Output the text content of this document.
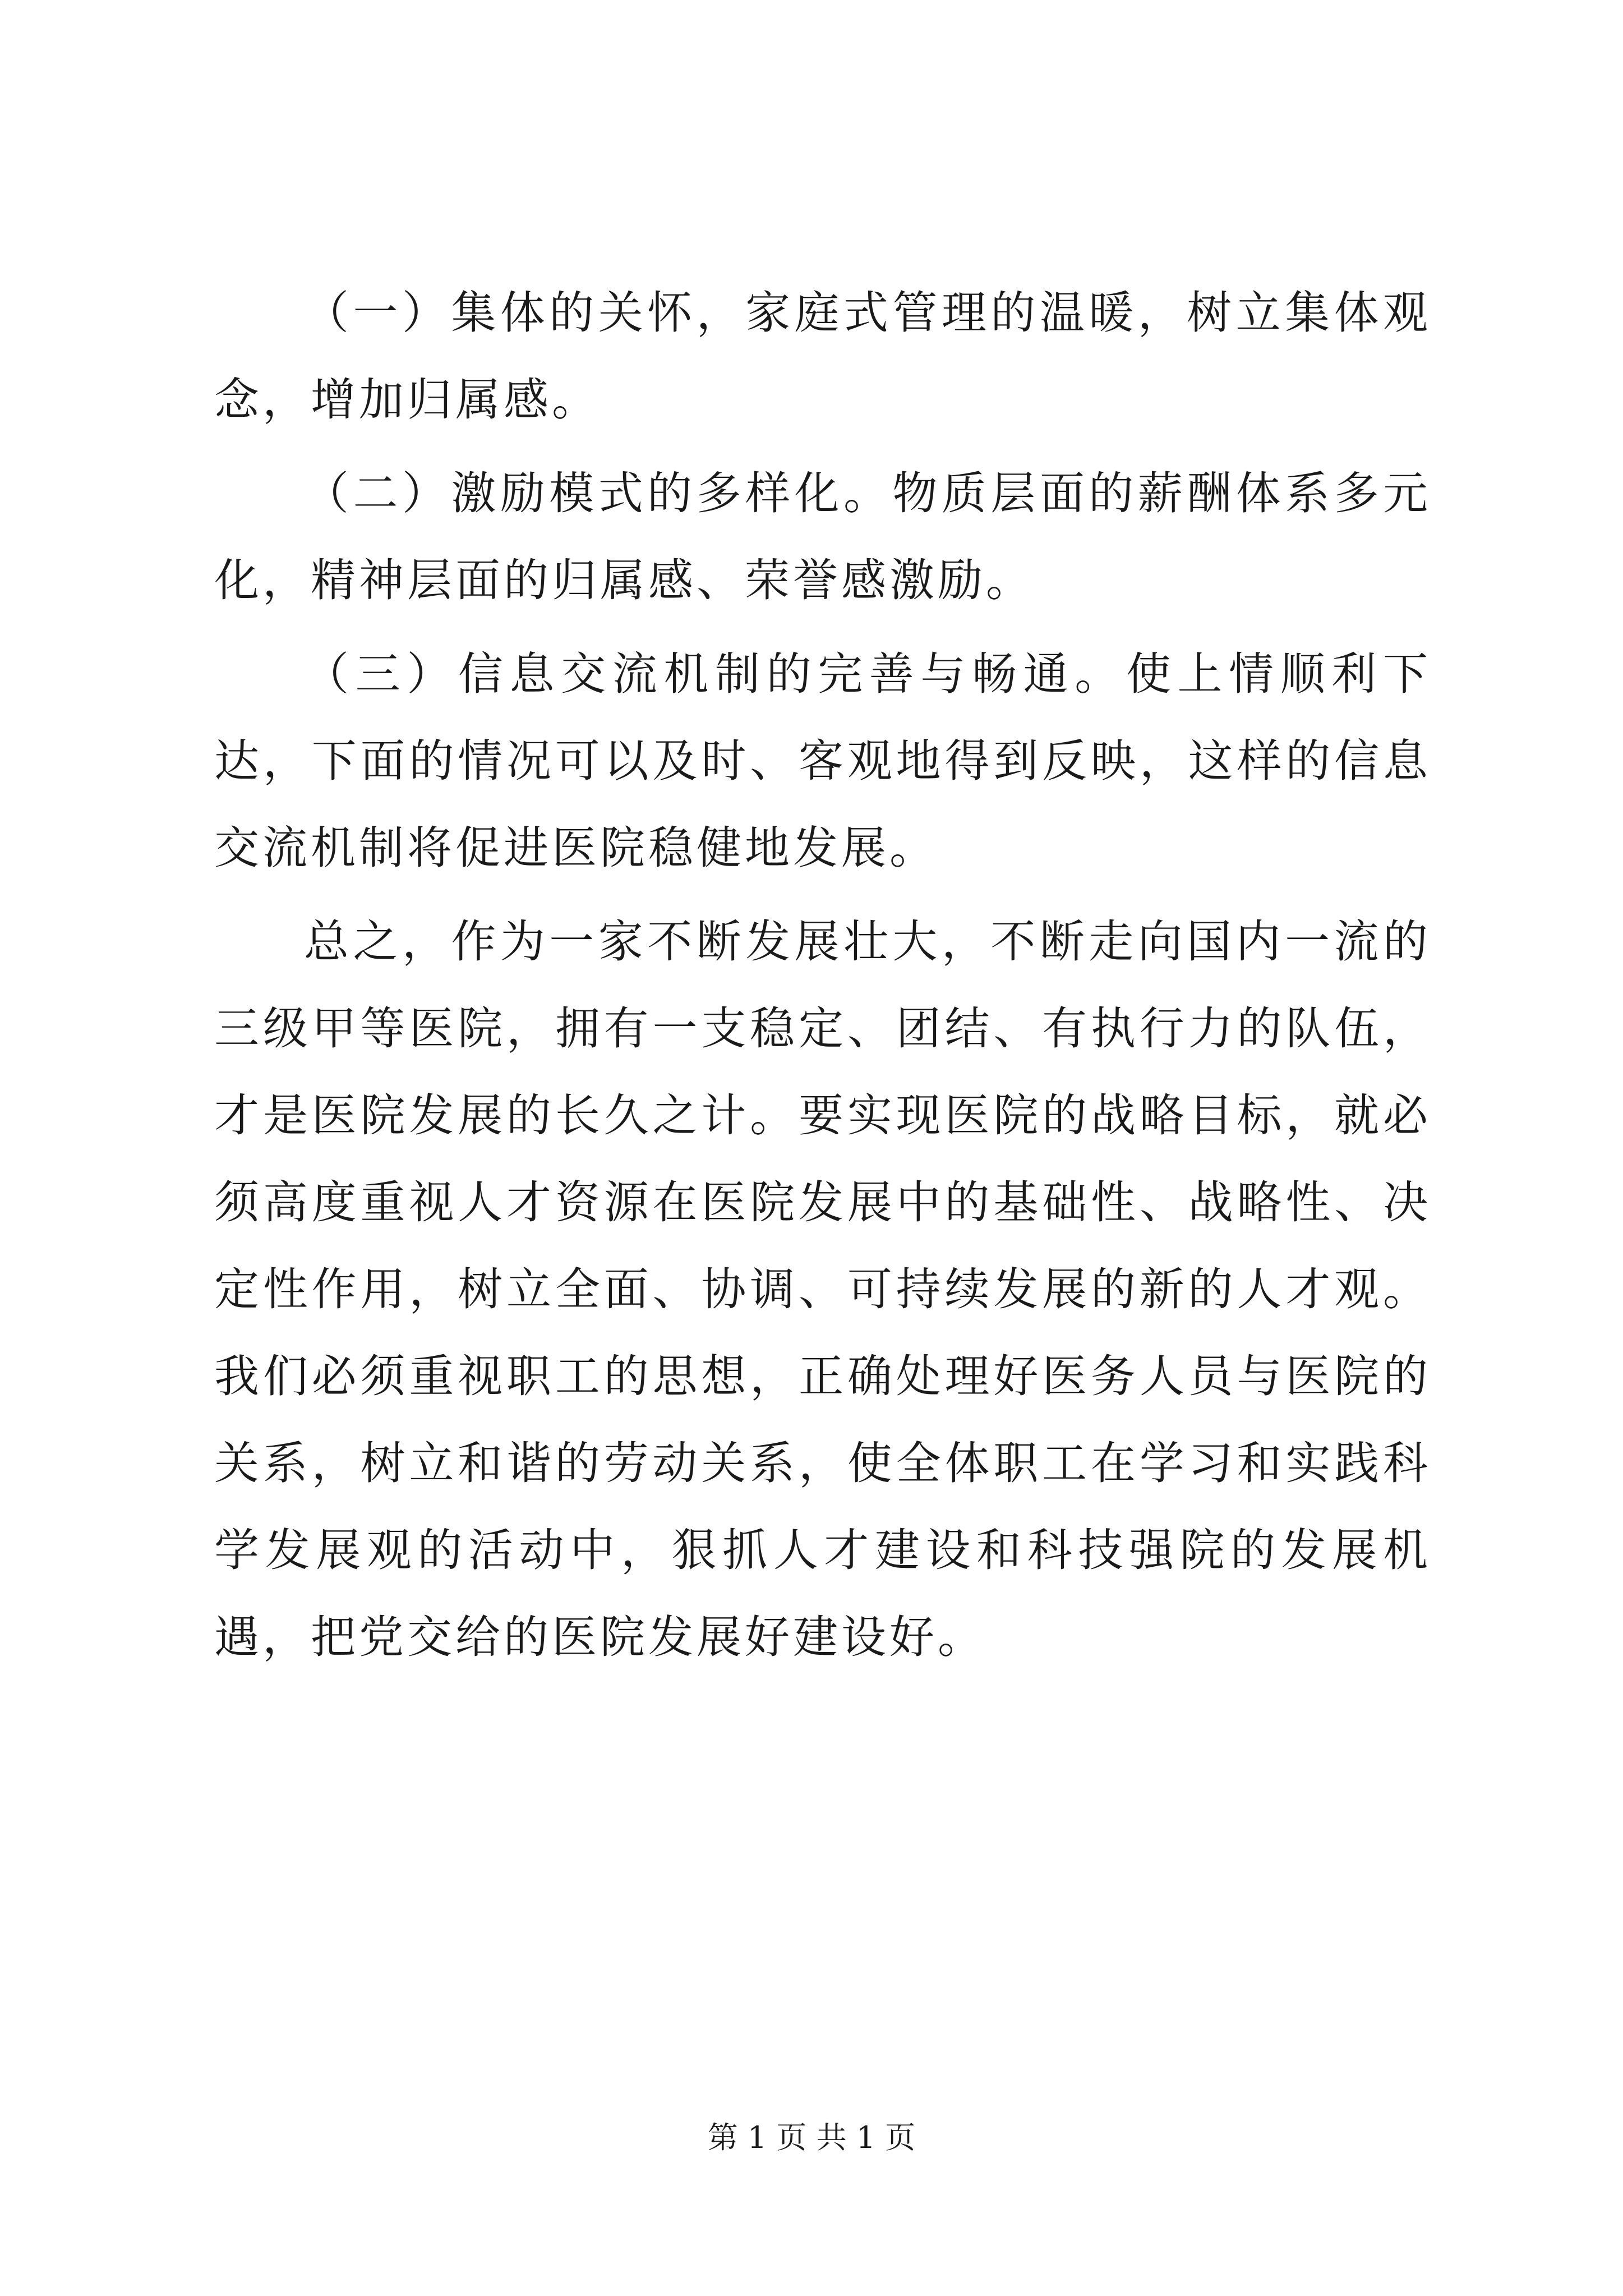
（一）集体的关怀，家庭式管理的温暖，树立集体观念，增加归属感。

（二）激励模式的多样化。物质层面的薪酬体系多元化，精神层面的归属感、荣誉感激励。

（三）信息交流机制的完善与畅通。使上情顺利下达，下面的情况可以及时、客观地得到反映，这样的信息交流机制将促进医院稳健地发展。

总之，作为一家不断发展壮大，不断走向国内一流的三级甲等医院，拥有一支稳定、团结、有执行力的队伍，才是医院发展的长久之计。要实现医院的战略目标，就必须高度重视人才资源在医院发展中的基础性、战略性、决定性作用，树立全面、协调、可持续发展的新的人才观。我们必须重视职工的思想，正确处理好医务人员与医院的关系，树立和谐的劳动关系，使全体职工在学习和实践科学发展观的活动中，狠抓人才建设和科技强院的发展机遇，把党交给的医院发展好建设好。

第 1 页 共 1 页
